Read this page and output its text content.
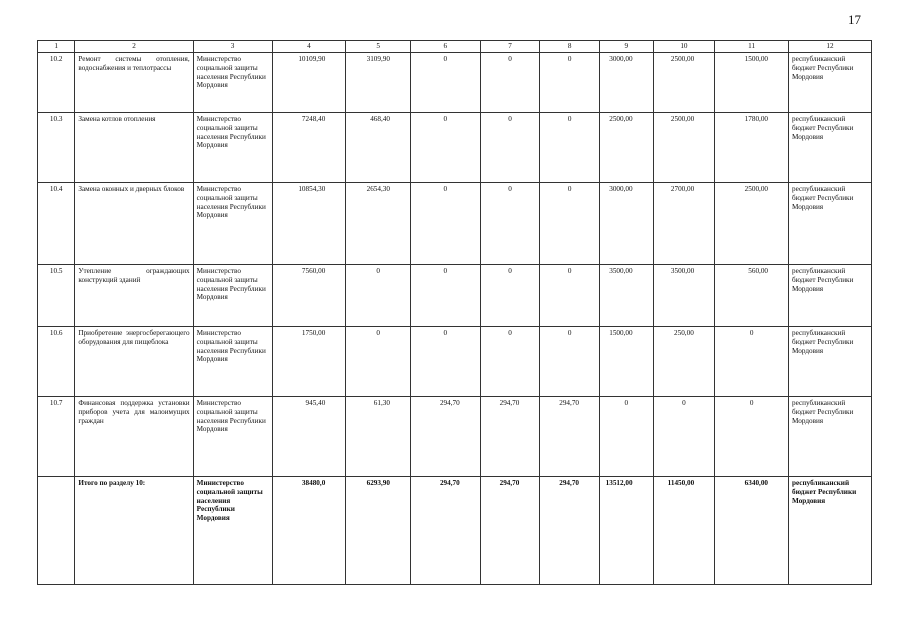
17
1	2	3	4	5	6	7	8	9	10	11	12
10.2	Ремонт системы отопления, водоснабжения и теплотрассы	Министерство социальной защиты населения Республики Мордовия	10109,90	3109,90	0	0	0	3000,00	2500,00	1500,00	республиканский бюджет Республики Мордовия
10.3	Замена котлов отопления	Министерство социальной защиты населения Республики Мордовия	7248,40	468,40	0	0	0	2500,00	2500,00	1780,00	республиканский бюджет Республики Мордовия
10.4	Замена оконных и дверных блоков	Министерство социальной защиты населения Республики Мордовия	10854,30	2654,30	0	0	0	3000,00	2700,00	2500,00	республиканский бюджет Республики Мордовия
10.5	Утепление ограждающих конструкций зданий	Министерство социальной защиты населения Республики Мордовия	7560,00	0	0	0	0	3500,00	3500,00	560,00	республиканский бюджет Республики Мордовия
10.6	Приобретение энергосберегающего оборудования для пищеблока	Министерство социальной защиты населения Республики Мордовия	1750,00	0	0	0	0	1500,00	250,00	0	республиканский бюджет Республики Мордовия
10.7	Финансовая поддержка установки приборов учета для малоимущих граждан	Министерство социальной защиты населения Республики Мордовия	945,40	61,30	294,70	294,70	294,70	0	0	0	республиканский бюджет Республики Мордовия
	Итого по разделу 10:	Министерство социальной защиты населения Республики Мордовия	38480,0	6293,90	294,70	294,70	294,70	13512,00	11450,00	6340,00	республиканский бюджет Республики Мордовия
